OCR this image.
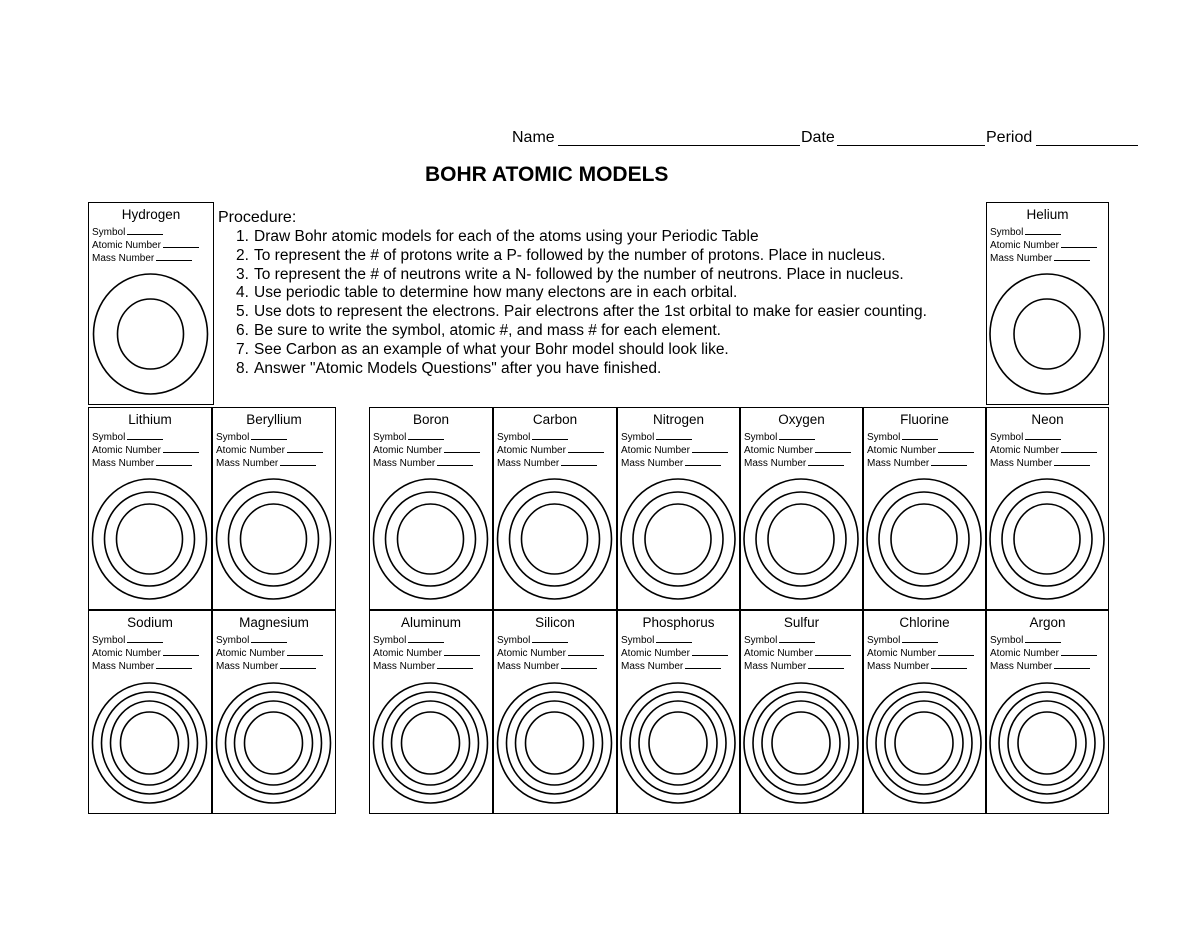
Name	Date	Period
BOHR ATOMIC MODELS
Procedure:
1. Draw Bohr atomic models for each of the atoms using your Periodic Table
2. To represent the # of protons write a P- followed by the number of protons. Place in nucleus.
3. To represent the # of neutrons write a N- followed by the number of neutrons. Place in nucleus.
4. Use periodic table to determine how many electons are in each orbital.
5. Use dots to represent the electrons. Pair electrons after the 1st orbital to make for easier counting.
6. Be sure to write the symbol, atomic #, and mass # for each element.
7. See Carbon as an example of what your Bohr model should look like.
8. Answer "Atomic Models Questions" after you have finished.
Hydrogen
Symbol
Atomic Number
Mass Number
Helium
Symbol
Atomic Number
Mass Number
Lithium
Symbol
Atomic Number
Mass Number
Beryllium
Symbol
Atomic Number
Mass Number
Boron
Symbol
Atomic Number
Mass Number
Carbon
Symbol
Atomic Number
Mass Number
Nitrogen
Symbol
Atomic Number
Mass Number
Oxygen
Symbol
Atomic Number
Mass Number
Fluorine
Symbol
Atomic Number
Mass Number
Neon
Symbol
Atomic Number
Mass Number
Sodium
Symbol
Atomic Number
Mass Number
Magnesium
Symbol
Atomic Number
Mass Number
Aluminum
Symbol
Atomic Number
Mass Number
Silicon
Symbol
Atomic Number
Mass Number
Phosphorus
Symbol
Atomic Number
Mass Number
Sulfur
Symbol
Atomic Number
Mass Number
Chlorine
Symbol
Atomic Number
Mass Number
Argon
Symbol
Atomic Number
Mass Number
